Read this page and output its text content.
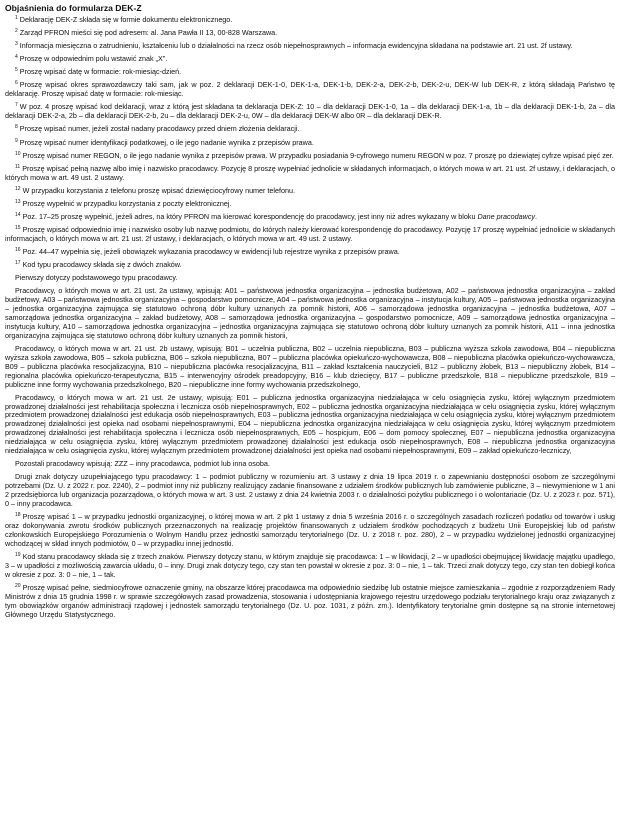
Objaśnienia do formularza DEK-Z

$^1$ Deklarację DEK-Z składa się w formie dokumentu elektronicznego.

$^2$ Zarząd PFRON mieści się pod adresem: al. Jana Pawła II 13, 00-828 Warszawa.

$^3$ Informacja miesięczna o zatrudnieniu, kształceniu lub o działalności na rzecz osób niepełnosprawnych – informacja ewidencyjna składana na podstawie art. 21 ust. 2f ustawy.

$^4$ Proszę w odpowiednim polu wstawić znak „X”.

$^5$ Proszę wpisać datę w formacie: rok-miesiąc-dzień.

$^6$ Proszę wpisać okres sprawozdawczy taki sam, jak w poz. 2 deklaracji DEK-1-0, DEK-1-a, DEK-1-b, DEK-2-a, DEK-2-b, DEK-2-u, DEK-W lub DEK-R, z którą składają Państwo tę deklarację. Proszę wpisać datę w formacie: rok-miesiąc.

$^7$ W poz. 4 proszę wpisać kod deklaracji, wraz z którą jest składana ta deklaracja DEK-Z: 10 – dla deklaracji DEK-1-0, 1a – dla deklaracji DEK-1-a, 1b – dla deklaracji DEK-1-b, 2a – dla deklaracji DEK-2-a, 2b – dla deklaracji DEK-2-b, 2u – dla deklaracji DEK-2-u, 0W – dla deklaracji DEK-W albo 0R – dla deklaracji DEK-R.

$^8$ Proszę wpisać numer, jeżeli został nadany pracodawcy przed dniem złożenia deklaracji.

$^9$ Proszę wpisać numer identyfikacji podatkowej, o ile jego nadanie wynika z przepisów prawa.

$^{10}$ Proszę wpisać numer REGON, o ile jego nadanie wynika z przepisów prawa. W przypadku posiadania 9-cyfrowego numeru REGON w poz. 7 proszę po dziewiątej cyfrze wpisać pięć zer.

$^{11}$ Proszę wpisać pełną nazwę albo imię i nazwisko pracodawcy. Pozycję 8 proszę wypełniać jednolicie w składanych informacjach, o których mowa w art. 21 ust. 2f ustawy, i deklaracjach, o których mowa w art. 49 ust. 2 ustawy.

$^{12}$ W przypadku korzystania z telefonu proszę wpisać dziewięciocyfrowy numer telefonu.

$^{13}$ Proszę wypełnić w przypadku korzystania z poczty elektronicznej.

$^{14}$ Poz. 17–25 proszę wypełnić, jeżeli adres, na który PFRON ma kierować korespondencję do pracodawcy, jest inny niż adres wykazany w bloku Dane pracodawcy.

$^{15}$ Proszę wpisać odpowiednio imię i nazwisko osoby lub nazwę podmiotu, do których należy kierować korespondencję do pracodawcy. Pozycję 17 proszę wypełniać jednolicie w składanych informacjach, o których mowa w art. 21 ust. 2f ustawy, i deklaracjach, o których mowa w art. 49 ust. 2 ustawy.

$^{16}$ Poz. 44–47 wypełnia się, jeżeli obowiązek wykazania pracodawcy w ewidencji lub rejestrze wynika z przepisów prawa.

$^{17}$ Kod typu pracodawcy składa się z dwóch znaków.

Pierwszy dotyczy podstawowego typu pracodawcy.

Pracodawcy, o których mowa w art. 21 ust. 2a ustawy, wpisują: A01 – państwowa jednostka organizacyjna – jednostka budżetowa, A02 – państwowa jednostka organizacyjna – zakład budżetowy, A03 – państwowa jednostka organizacyjna – gospodarstwo pomocnicze, A04 – państwowa jednostka organizacyjna – instytucja kultury, A05 – państwowa jednostka organizacyjna – jednostka organizacyjna zajmująca się statutowo ochroną dóbr kultury uznanych za pomnik historii, A06 – samorządowa jednostka organizacyjna – jednostka budżetowa, A07 – samorządowa jednostka organizacyjna – zakład budżetowy, A08 – samorządowa jednostka organizacyjna – gospodarstwo pomocnicze, A09 – samorządowa jednostka organizacyjna – instytucja kultury, A10 – samorządowa jednostka organizacyjna – jednostka organizacyjna zajmująca się statutowo ochroną dóbr kultury uznanych za pomnik historii, A11 – inna jednostka organizacyjna zajmująca się statutowo ochroną dóbr kultury uznanych za pomnik historii,

Pracodawcy, o których mowa w art. 21 ust. 2b ustawy, wpisują: B01 – uczelnia publiczna, B02 – uczelnia niepubliczna, B03 – publiczna wyższa szkoła zawodowa, B04 – niepubliczna wyższa szkoła zawodowa, B05 – szkoła publiczna, B06 – szkoła niepubliczna, B07 – publiczna placówka opiekuńczo-wychowawcza, B08 – niepubliczna placówka opiekuńczo-wychowawcza, B09 – publiczna placówka resocjalizacyjna, B10 – niepubliczna placówka resocjalizacyjna, B11 – zakład kształcenia nauczycieli, B12 – publiczny żłobek, B13 – niepubliczny żłobek, B14 – regionalna placówka opiekuńczo-terapeutyczna, B15 – interwencyjny ośrodek preadopcyjny, B16 – klub dziecięcy, B17 – publiczne przedszkole, B18 – niepubliczne przedszkole, B19 – publiczne inne formy wychowania przedszkolnego, B20 – niepubliczne inne formy wychowania przedszkolnego,

Pracodawcy, o których mowa w art. 21 ust. 2e ustawy, wpisują: E01 – publiczna jednostka organizacyjna niedziałająca w celu osiągnięcia zysku, której wyłącznym przedmiotem prowadzonej działalności jest rehabilitacja społeczna i lecznicza osób niepełnosprawnych, E02 – publiczna jednostka organizacyjna niedziałająca w celu osiągnięcia zysku, której wyłącznym przedmiotem prowadzonej działalności jest edukacja osób niepełnosprawnych, E03 – publiczna jednostka organizacyjna niedziałająca w celu osiągnięcia zysku, której wyłącznym przedmiotem prowadzonej działalności jest opieka nad osobami niepełnosprawnymi, E04 – niepubliczna jednostka organizacyjna niedziałająca w celu osiągnięcia zysku, której wyłącznym przedmiotem prowadzonej działalności jest rehabilitacja społeczna i lecznicza osób niepełnosprawnych, E05 – hospicjum, E06 – dom pomocy społecznej, E07 – niepubliczna jednostka organizacyjna niedziałająca w celu osiągnięcia zysku, której wyłącznym przedmiotem prowadzonej działalności jest edukacja osób niepełnosprawnych, E08 – niepubliczna jednostka organizacyjna niedziałająca w celu osiągnięcia zysku, której wyłącznym przedmiotem prowadzonej działalności jest opieka nad osobami niepełnosprawnymi, E09 – zakład opiekuńczo-leczniczy,

Pozostali pracodawcy wpisują: ZZZ – inny pracodawca, podmiot lub inna osoba.

Drugi znak dotyczy uzupełniającego typu pracodawcy: 1 – podmiot publiczny w rozumieniu art. 3 ustawy z dnia 19 lipca 2019 r. o zapewnianiu dostępności osobom ze szczególnymi potrzebami (Dz. U. z 2022 r. poz. 2240), 2 – podmiot inny niż publiczny realizujący zadanie finansowane z udziałem środków publicznych lub zamówienie publiczne, 3 – niewymienione w 1 ani 2 przedsiębiorca lub organizacja pozarządowa, o których mowa w art. 3 ust. 2 ustawy z dnia 24 kwietnia 2003 r. o działalności pożytku publicznego i o wolontariacie (Dz. U. z 2023 r. poz. 571), 0 – inny pracodawca.

$^{18}$ Proszę wpisać 1 – w przypadku jednostki organizacyjnej, o której mowa w art. 2 pkt 1 ustawy z dnia 5 września 2016 r. o szczególnych zasadach rozliczeń podatku od towarów i usług oraz dokonywania zwrotu środków publicznych przeznaczonych na realizację projektów finansowanych z udziałem środków pochodzących z budżetu Unii Europejskiej lub od państw członkowskich Europejskiego Porozumienia o Wolnym Handlu przez jednostki samorządu terytorialnego (Dz. U. z 2018 r. poz. 280), 2 – w przypadku wydzielonej jednostki organizacyjnej wchodzącej w skład innych podmiotów, 0 – w przypadku innej jednostki.

$^{19}$ Kod stanu pracodawcy składa się z trzech znaków. Pierwszy dotyczy stanu, w którym znajduje się pracodawca: 1 – w likwidacji, 2 – w upadłości obejmującej likwidację majątku upadłego, 3 – w upadłości z możliwością zawarcia układu, 0 – inny. Drugi znak dotyczy tego, czy stan ten powstał w okresie z poz. 3: 0 – nie, 1 – tak. Trzeci znak dotyczy tego, czy stan ten dobiegł końca w okresie z poz. 3: 0 – nie, 1 – tak.

$^{20}$ Proszę wpisać pełne, siedmiocyfrowe oznaczenie gminy, na obszarze której pracodawca ma odpowiednio siedzibę lub ostatnie miejsce zamieszkania – zgodnie z rozporządzeniem Rady Ministrów z dnia 15 grudnia 1998 r. w sprawie szczegółowych zasad prowadzenia, stosowania i udostępniania krajowego rejestru urzędowego podziału terytorialnego kraju oraz związanych z tym obowiązków organów administracji rządowej i jednostek samorządu terytorialnego (Dz. U. poz. 1031, z późn. zm.). Identyfikatory terytorialne gmin dostępne są na stronie internetowej Głównego Urzędu Statystycznego.
